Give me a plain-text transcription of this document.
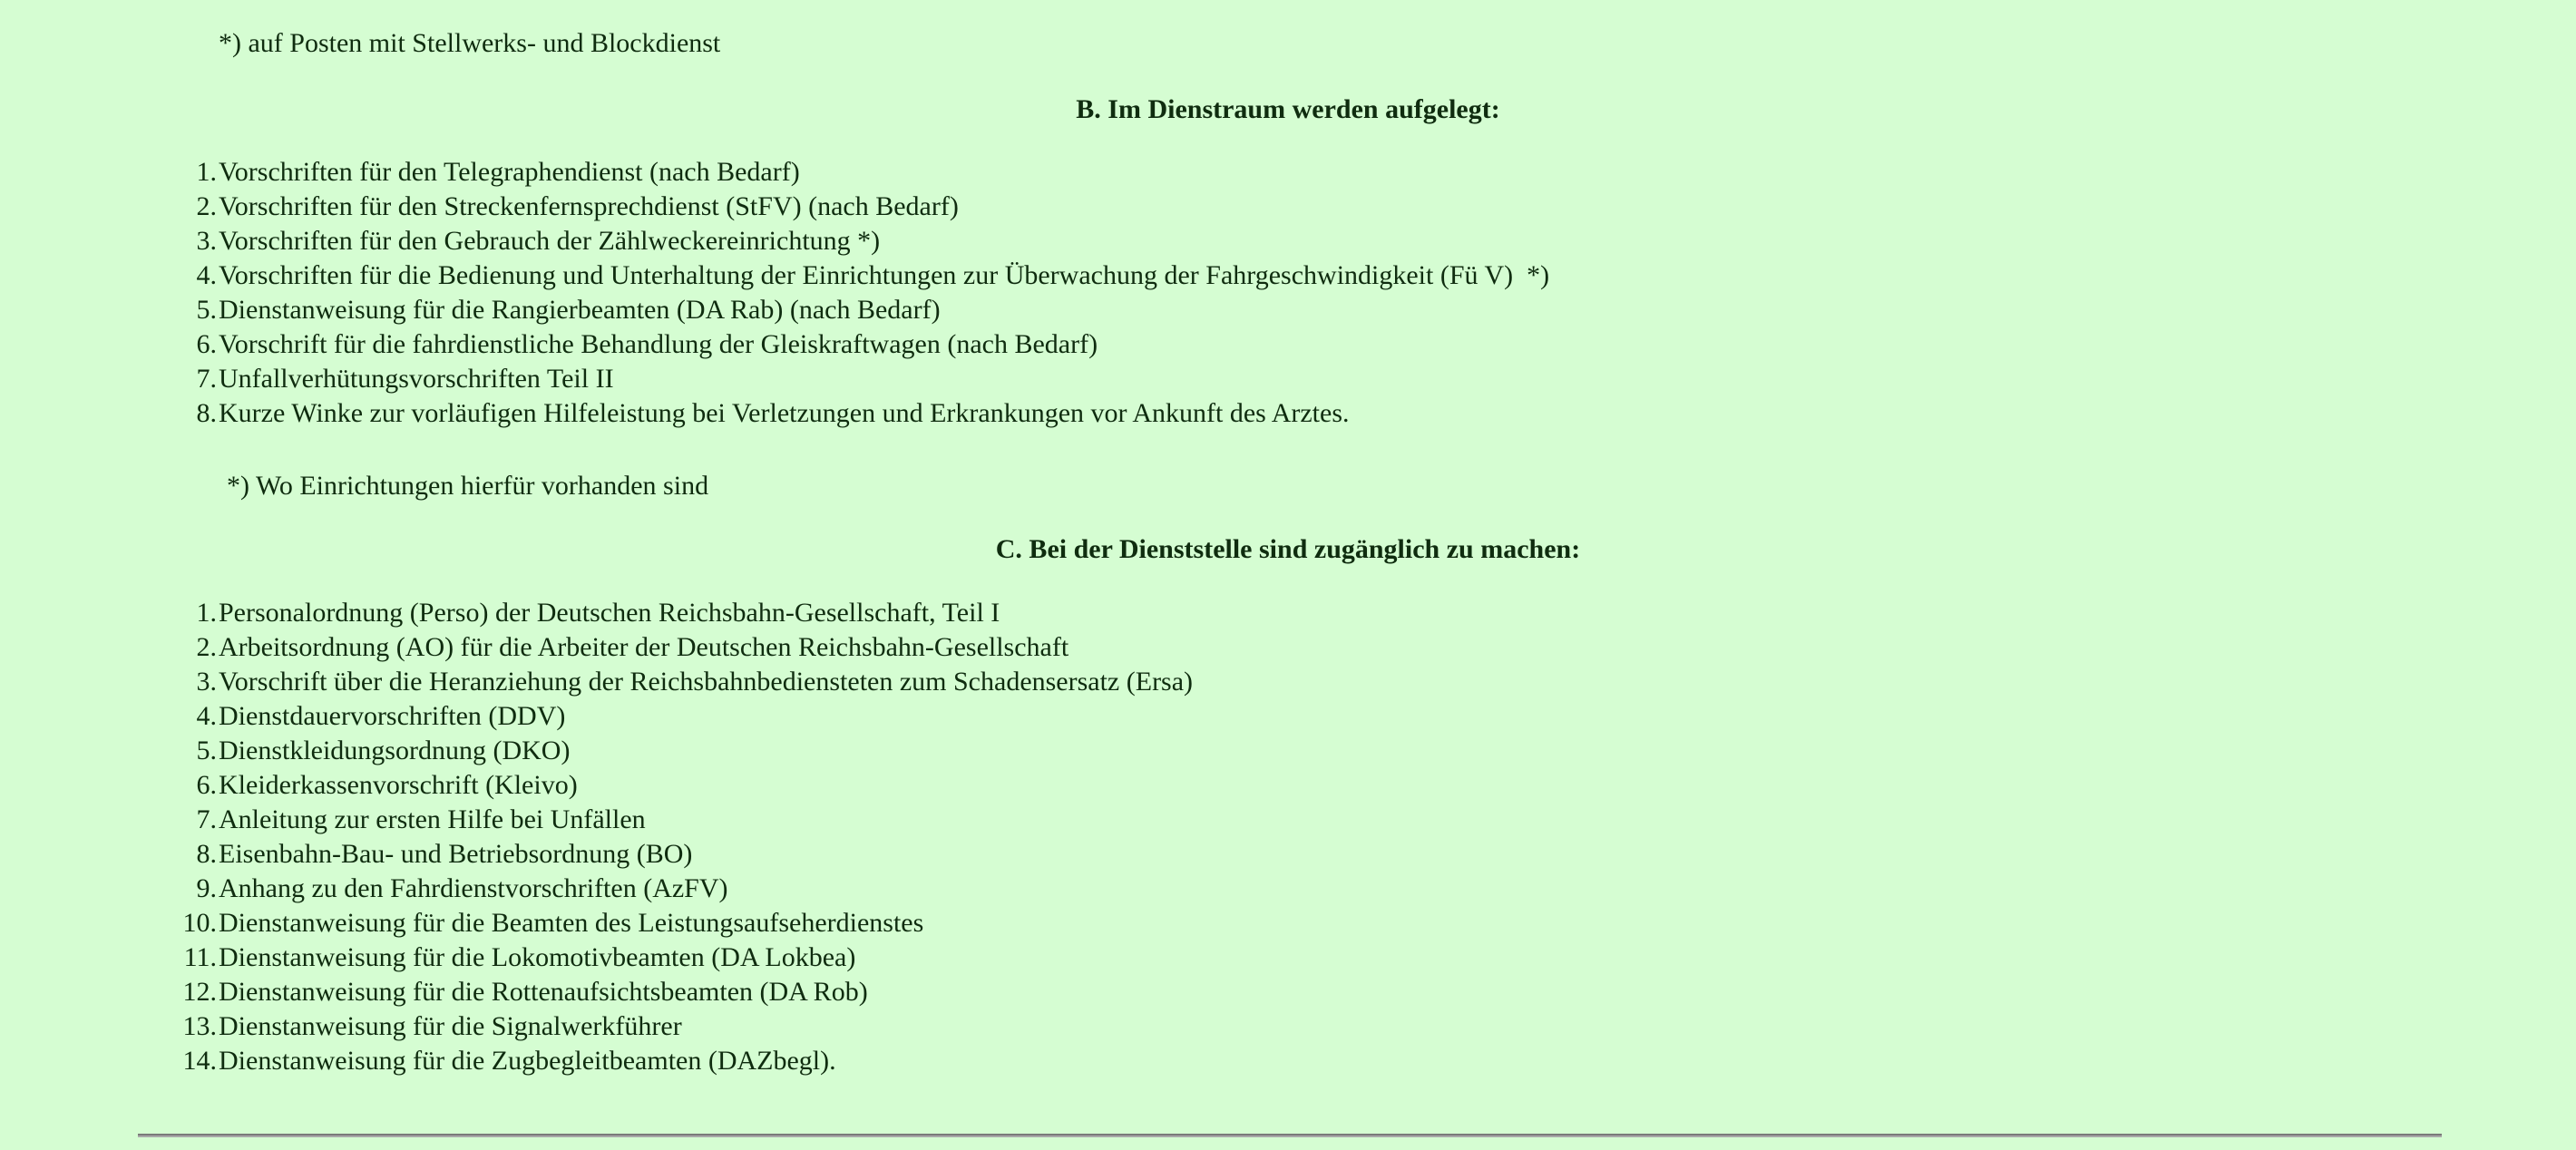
*) auf Posten mit Stellwerks- und Blockdienst
B. Im Dienstraum werden aufgelegt:
1. Vorschriften für den Telegraphendienst (nach Bedarf)
2. Vorschriften für den Streckenfernsprechdienst (StFV) (nach Bedarf)
3. Vorschriften für den Gebrauch der Zählweckereinrichtung *)
4. Vorschriften für die Bedienung und Unterhaltung der Einrichtungen zur Überwachung der Fahrgeschwindigkeit (Fü V)  *)
5. Dienstanweisung für die Rangierbeamten (DA Rab) (nach Bedarf)
6. Vorschrift für die fahrdienstliche Behandlung der Gleiskraftwagen (nach Bedarf)
7. Unfallverhütungsvorschriften Teil II
8. Kurze Winke zur vorläufigen Hilfeleistung bei Verletzungen und Erkrankungen vor Ankunft des Arztes.
*) Wo Einrichtungen hierfür vorhanden sind
C. Bei der Dienststelle sind zugänglich zu machen:
1. Personalordnung (Perso) der Deutschen Reichsbahn-Gesellschaft, Teil I
2. Arbeitsordnung (AO) für die Arbeiter der Deutschen Reichsbahn-Gesellschaft
3. Vorschrift über die Heranziehung der Reichsbahnbediensteten zum Schadensersatz (Ersa)
4. Dienstdauervorschriften (DDV)
5. Dienstkleidungsordnung (DKO)
6. Kleiderkassenvorschrift (Kleivo)
7. Anleitung zur ersten Hilfe bei Unfällen
8. Eisenbahn-Bau- und Betriebsordnung (BO)
9. Anhang zu den Fahrdienstvorschriften (AzFV)
10. Dienstanweisung für die Beamten des Leistungsaufseherdienstes
11. Dienstanweisung für die Lokomotivbeamten (DA Lokbea)
12. Dienstanweisung für die Rottenaufsichtsbeamten (DA Rob)
13. Dienstanweisung für die Signalwerkführer
14. Dienstanweisung für die Zugbegleitbeamten (DAZbegl).
